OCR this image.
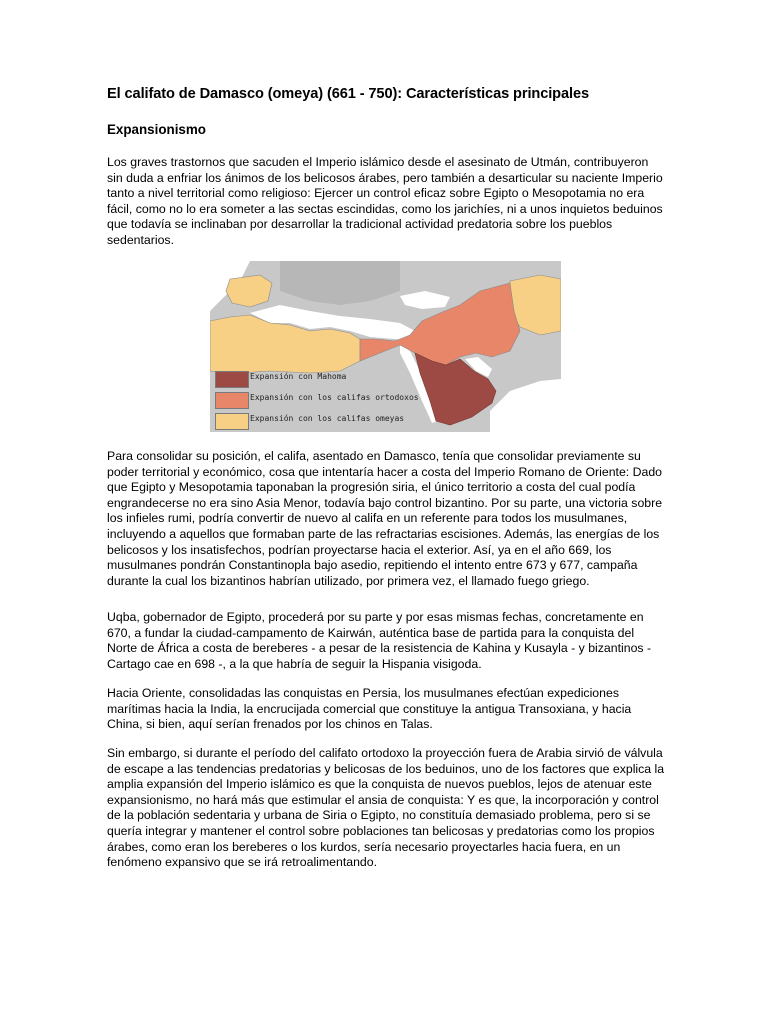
El califato de Damasco (omeya) (661 - 750): Características principales
Expansionismo

Los graves trastornos que sacuden el Imperio islámico desde el asesinato de Utmán, contribuyeron sin duda a enfriar los ánimos de los belicosos árabes, pero también a desarticular su naciente Imperio tanto a nivel territorial como religioso: Ejercer un control eficaz sobre Egipto o Mesopotamia no era fácil, como no lo era someter a las sectas escindidas, como los jarichíes, ni a unos inquietos beduinos que todavía se inclinaban por desarrollar la tradicional actividad predatoria sobre los pueblos sedentarios.

Para consolidar su posición, el califa, asentado en Damasco, tenía que consolidar previamente su poder territorial y económico, cosa que intentaría hacer a costa del Imperio Romano de Oriente: Dado que Egipto y Mesopotamia taponaban la progresión siria, el único territorio a costa del cual podía engrandecerse no era sino Asia Menor, todavía bajo control bizantino. Por su parte, una victoria sobre los infieles rumi, podría convertir de nuevo al califa en un referente para todos los musulmanes, incluyendo a aquellos que formaban parte de las refractarias escisiones. Además, las energías de los belicosos y los insatisfechos, podrían proyectarse hacia el exterior. Así, ya en el año 669, los musulmanes pondrán Constantinopla bajo asedio, repitiendo el intento entre 673 y 677, campaña durante la cual los bizantinos habrían utilizado, por primera vez, el llamado fuego griego.

Uqba, gobernador de Egipto, procederá por su parte y por esas mismas fechas, concretamente en 670, a fundar la ciudad-campamento de Kairwán, auténtica base de partida para la conquista del Norte de África a costa de bereberes - a pesar de la resistencia de Kahina y Kusayla - y bizantinos - Cartago cae en 698 -, a la que habría de seguir la Hispania visigoda.

Hacia Oriente, consolidadas las conquistas en Persia, los musulmanes efectúan expediciones marítimas hacia la India, la encrucijada comercial que constituye la antigua Transoxiana, y hacia China, si bien, aquí serían frenados por los chinos en Talas.

Sin embargo, si durante el período del califato ortodoxo la proyección fuera de Arabia sirvió de válvula de escape a las tendencias predatorias y belicosas de los beduinos, uno de los factores que explica la amplia expansión del Imperio islámico es que la conquista de nuevos pueblos, lejos de atenuar este expansionismo, no hará más que estimular el ansia de conquista: Y es que, la incorporación y control de la población sedentaria y urbana de Siria o Egipto, no constituía demasiado problema, pero si se quería integrar y mantener el control sobre poblaciones tan belicosas y predatorias como los propios árabes, como eran los bereberes o los kurdos, sería necesario proyectarles hacia fuera, en un fenómeno expansivo que se irá retroalimentando.

Expansión con Mahoma
Expansión con los califas ortodoxos
Expansión con los califas omeyas
